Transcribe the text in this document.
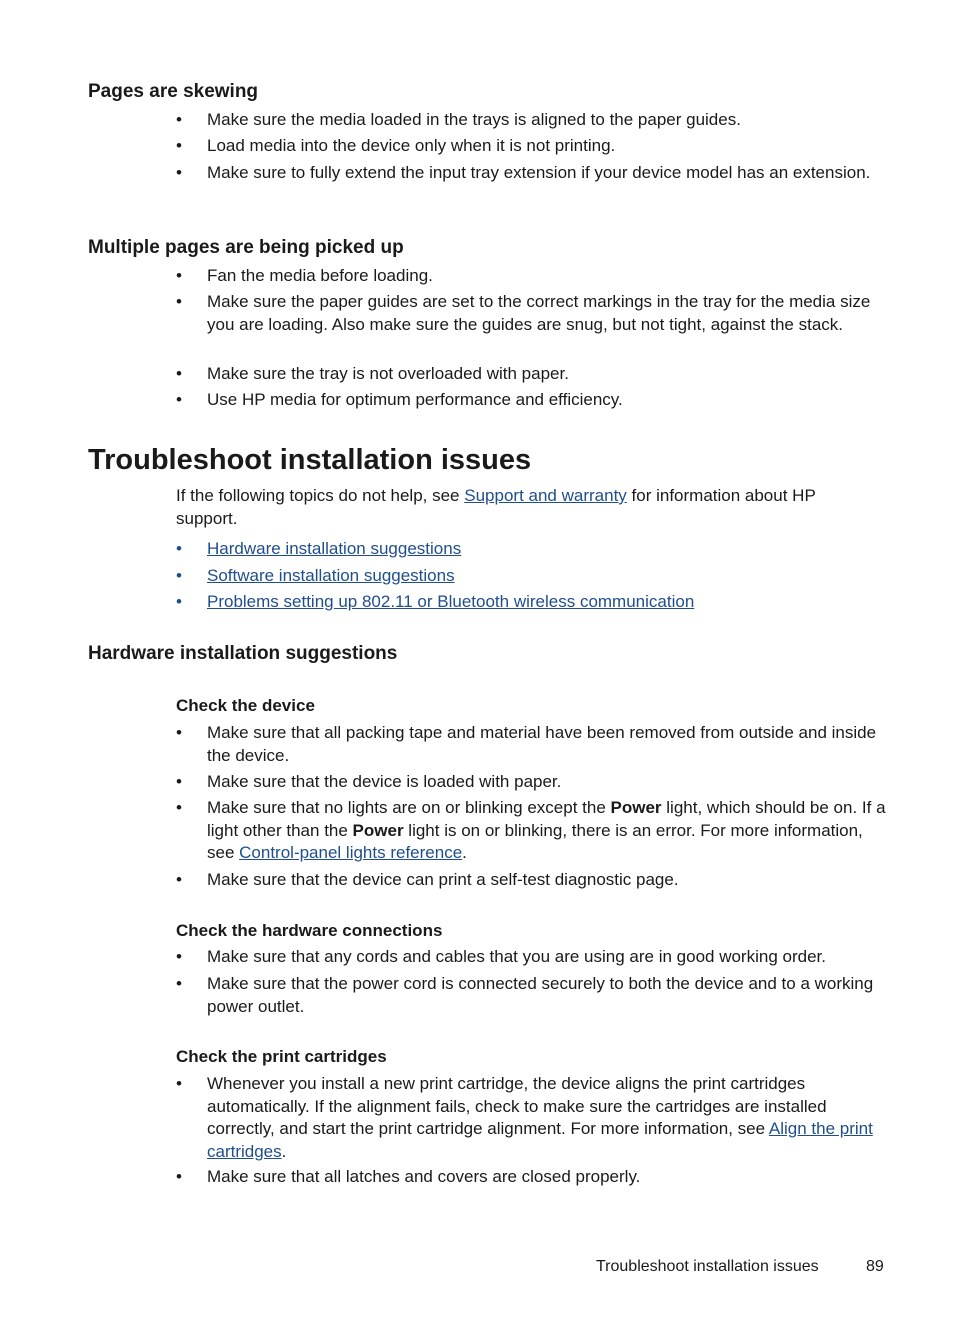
Pages are skewing
•	Make sure the media loaded in the trays is aligned to the paper guides.
•	Load media into the device only when it is not printing.
•	Make sure to fully extend the input tray extension if your device model has an extension.
Multiple pages are being picked up
•	Fan the media before loading.
•	Make sure the paper guides are set to the correct markings in the tray for the media size you are loading. Also make sure the guides are snug, but not tight, against the stack.
•	Make sure the tray is not overloaded with paper.
•	Use HP media for optimum performance and efficiency.
Troubleshoot installation issues

If the following topics do not help, see Support and warranty for information about HP support.

•	Hardware installation suggestions
•	Software installation suggestions
•	Problems setting up 802.11 or Bluetooth wireless communication
Hardware installation suggestions
Check the device
•	Make sure that all packing tape and material have been removed from outside and inside the device.
•	Make sure that the device is loaded with paper.
•	Make sure that no lights are on or blinking except the Power light, which should be on. If a light other than the Power light is on or blinking, there is an error. For more information, see Control-panel lights reference.
•	Make sure that the device can print a self-test diagnostic page.
Check the hardware connections
•	Make sure that any cords and cables that you are using are in good working order.
•	Make sure that the power cord is connected securely to both the device and to a working power outlet.
Check the print cartridges
•	Whenever you install a new print cartridge, the device aligns the print cartridges automatically. If the alignment fails, check to make sure the cartridges are installed correctly, and start the print cartridge alignment. For more information, see Align the print cartridges.
•	Make sure that all latches and covers are closed properly.
Troubleshoot installation issues	89
